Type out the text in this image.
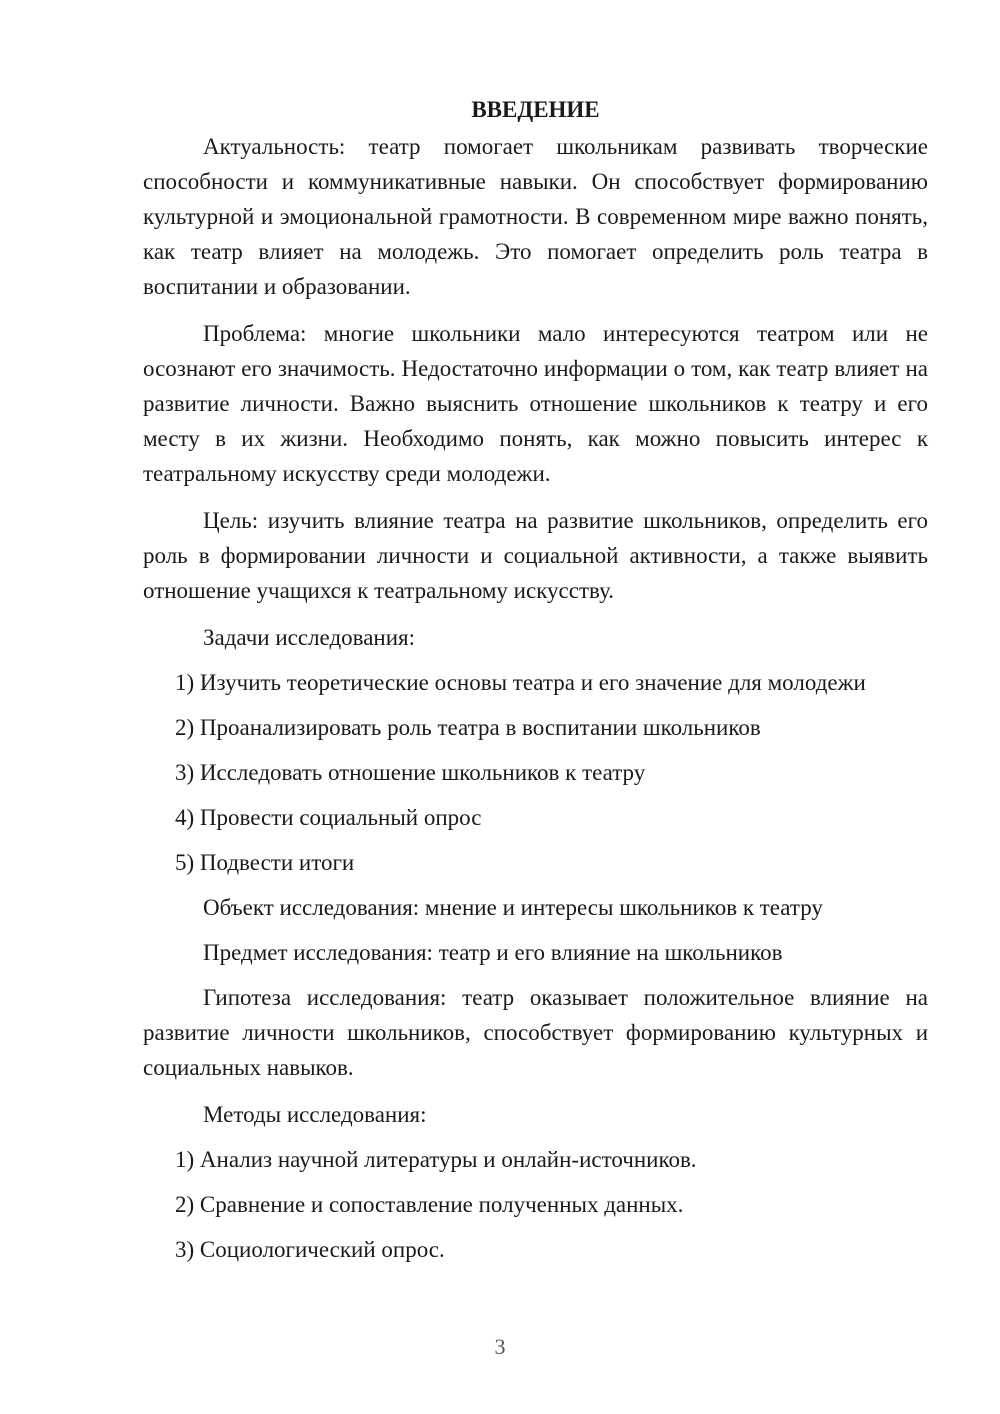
ВВЕДЕНИЕ

Актуальность: театр помогает школьникам развивать творческие способности и коммуникативные навыки. Он способствует формированию культурной и эмоциональной грамотности. В современном мире важно понять, как театр влияет на молодежь. Это помогает определить роль театра в воспитании и образовании.

Проблема: многие школьники мало интересуются театром или не осознают его значимость. Недостаточно информации о том, как театр влияет на развитие личности. Важно выяснить отношение школьников к театру и его месту в их жизни. Необходимо понять, как можно повысить интерес к театральному искусству среди молодежи.

Цель: изучить влияние театра на развитие школьников, определить его роль в формировании личности и социальной активности, а также выявить отношение учащихся к театральному искусству.

Задачи исследования:
1) Изучить теоретические основы театра и его значение для молодежи
2) Проанализировать роль театра в воспитании школьников
3) Исследовать отношение школьников к театру
4) Провести социальный опрос
5) Подвести итоги
Объект исследования: мнение и интересы школьников к театру
Предмет исследования: театр и его влияние на школьников

Гипотеза исследования: театр оказывает положительное влияние на развитие личности школьников, способствует формированию культурных и социальных навыков.

Методы исследования:
1) Анализ научной литературы и онлайн-источников.
2) Сравнение и сопоставление полученных данных.
3) Социологический опрос.
3
